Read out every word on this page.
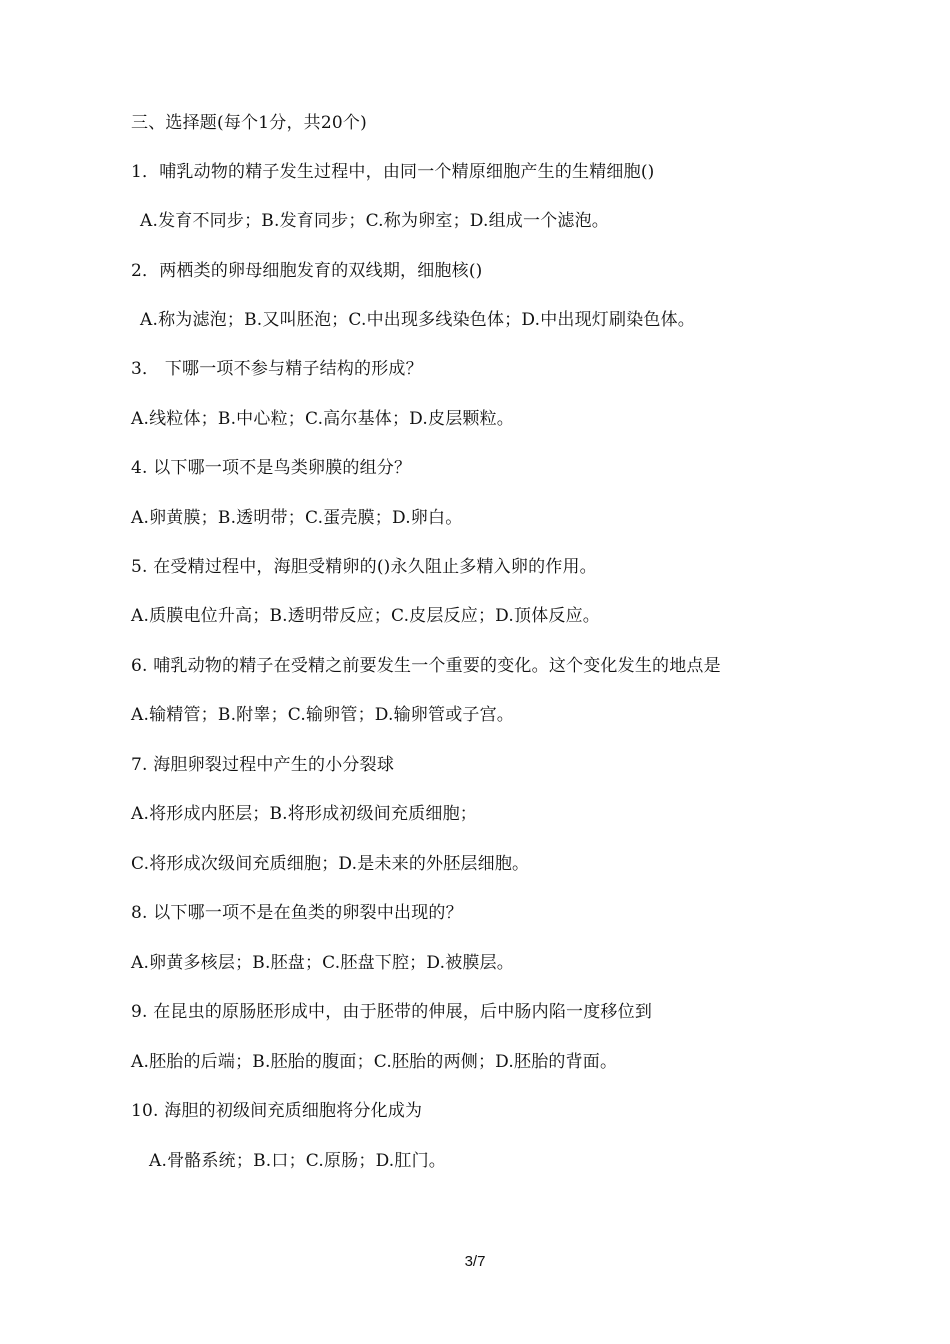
三、选择题(每个1分，共20个)
1．哺乳动物的精子发生过程中，由同一个精原细胞产生的生精细胞()
A.发育不同步；B.发育同步；C.称为卵室；D.组成一个滤泡。
2．两栖类的卵母细胞发育的双线期，细胞核()
A.称为滤泡；B.又叫胚泡；C.中出现多线染色体；D.中出现灯刷染色体。
3． 下哪一项不参与精子结构的形成？
A.线粒体；B.中心粒；C.高尔基体；D.皮层颗粒。
4. 以下哪一项不是鸟类卵膜的组分？
A.卵黄膜；B.透明带；C.蛋壳膜；D.卵白。
5. 在受精过程中，海胆受精卵的()永久阻止多精入卵的作用。
A.质膜电位升高；B.透明带反应；C.皮层反应；D.顶体反应。
6. 哺乳动物的精子在受精之前要发生一个重要的变化。这个变化发生的地点是
A.输精管；B.附睾；C.输卵管；D.输卵管或子宫。
7. 海胆卵裂过程中产生的小分裂球
A.将形成内胚层；B.将形成初级间充质细胞；
C.将形成次级间充质细胞；D.是未来的外胚层细胞。
8. 以下哪一项不是在鱼类的卵裂中出现的？
A.卵黄多核层；B.胚盘；C.胚盘下腔；D.被膜层。
9. 在昆虫的原肠胚形成中，由于胚带的伸展，后中肠内陷一度移位到
A.胚胎的后端；B.胚胎的腹面；C.胚胎的两侧；D.胚胎的背面。
10. 海胆的初级间充质细胞将分化成为
A.骨骼系统；B.口；C.原肠；D.肛门。
3/7
